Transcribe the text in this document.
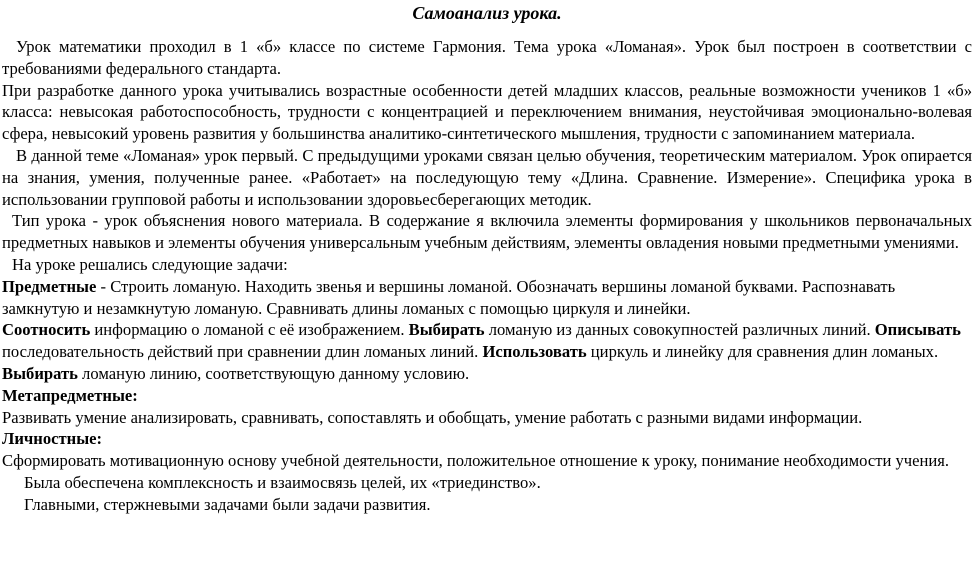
Самоанализ урока.

Урок математики проходил в 1 «б» классе по системе Гармония. Тема урока «Ломаная». Урок был построен в соответствии с требованиями федерального стандарта.

При разработке данного урока учитывались возрастные особенности детей младших классов, реальные возможности учеников 1 «б» класса: невысокая работоспособность, трудности с концентрацией и переключением внимания, неустойчивая эмоционально-волевая сфера, невысокий уровень развития у большинства аналитико-синтетического мышления, трудности с запоминанием материала.

В данной теме «Ломаная» урок первый. С предыдущими уроками связан целью обучения, теоретическим материалом. Урок опирается на знания, умения, полученные ранее. «Работает» на последующую тему «Длина. Сравнение. Измерение». Специфика урока в использовании групповой работы и использовании здоровьесберегающих методик.

Тип урока - урок объяснения нового материала. В содержание я включила элементы формирования у школьников первоначальных предметных навыков и элементы обучения универсальным учебным действиям, элементы овладения новыми предметными умениями.

На уроке решались следующие задачи:

Предметные - Строить ломаную. Находить звенья и вершины ломаной. Обозначать вершины ломаной буквами. Распознавать замкнутую и незамкнутую ломаную. Сравнивать длины ломаных с помощью циркуля и линейки.

Соотносить информацию о ломаной с её изображением. Выбирать ломаную из данных совокупностей различных линий. Описывать последовательность действий при сравнении длин ломаных линий. Использовать циркуль и линейку для сравнения длин ломаных. Выбирать ломаную линию, соответствующую данному условию.

Метапредметные:

Развивать умение анализировать, сравнивать, сопоставлять и обобщать, умение работать с разными видами информации.

Личностные:

Сформировать мотивационную основу учебной деятельности, положительное отношение к уроку, понимание необходимости учения.

Была обеспечена комплексность и взаимосвязь целей, их «триединство».

Главными, стержневыми задачами были задачи развития.
